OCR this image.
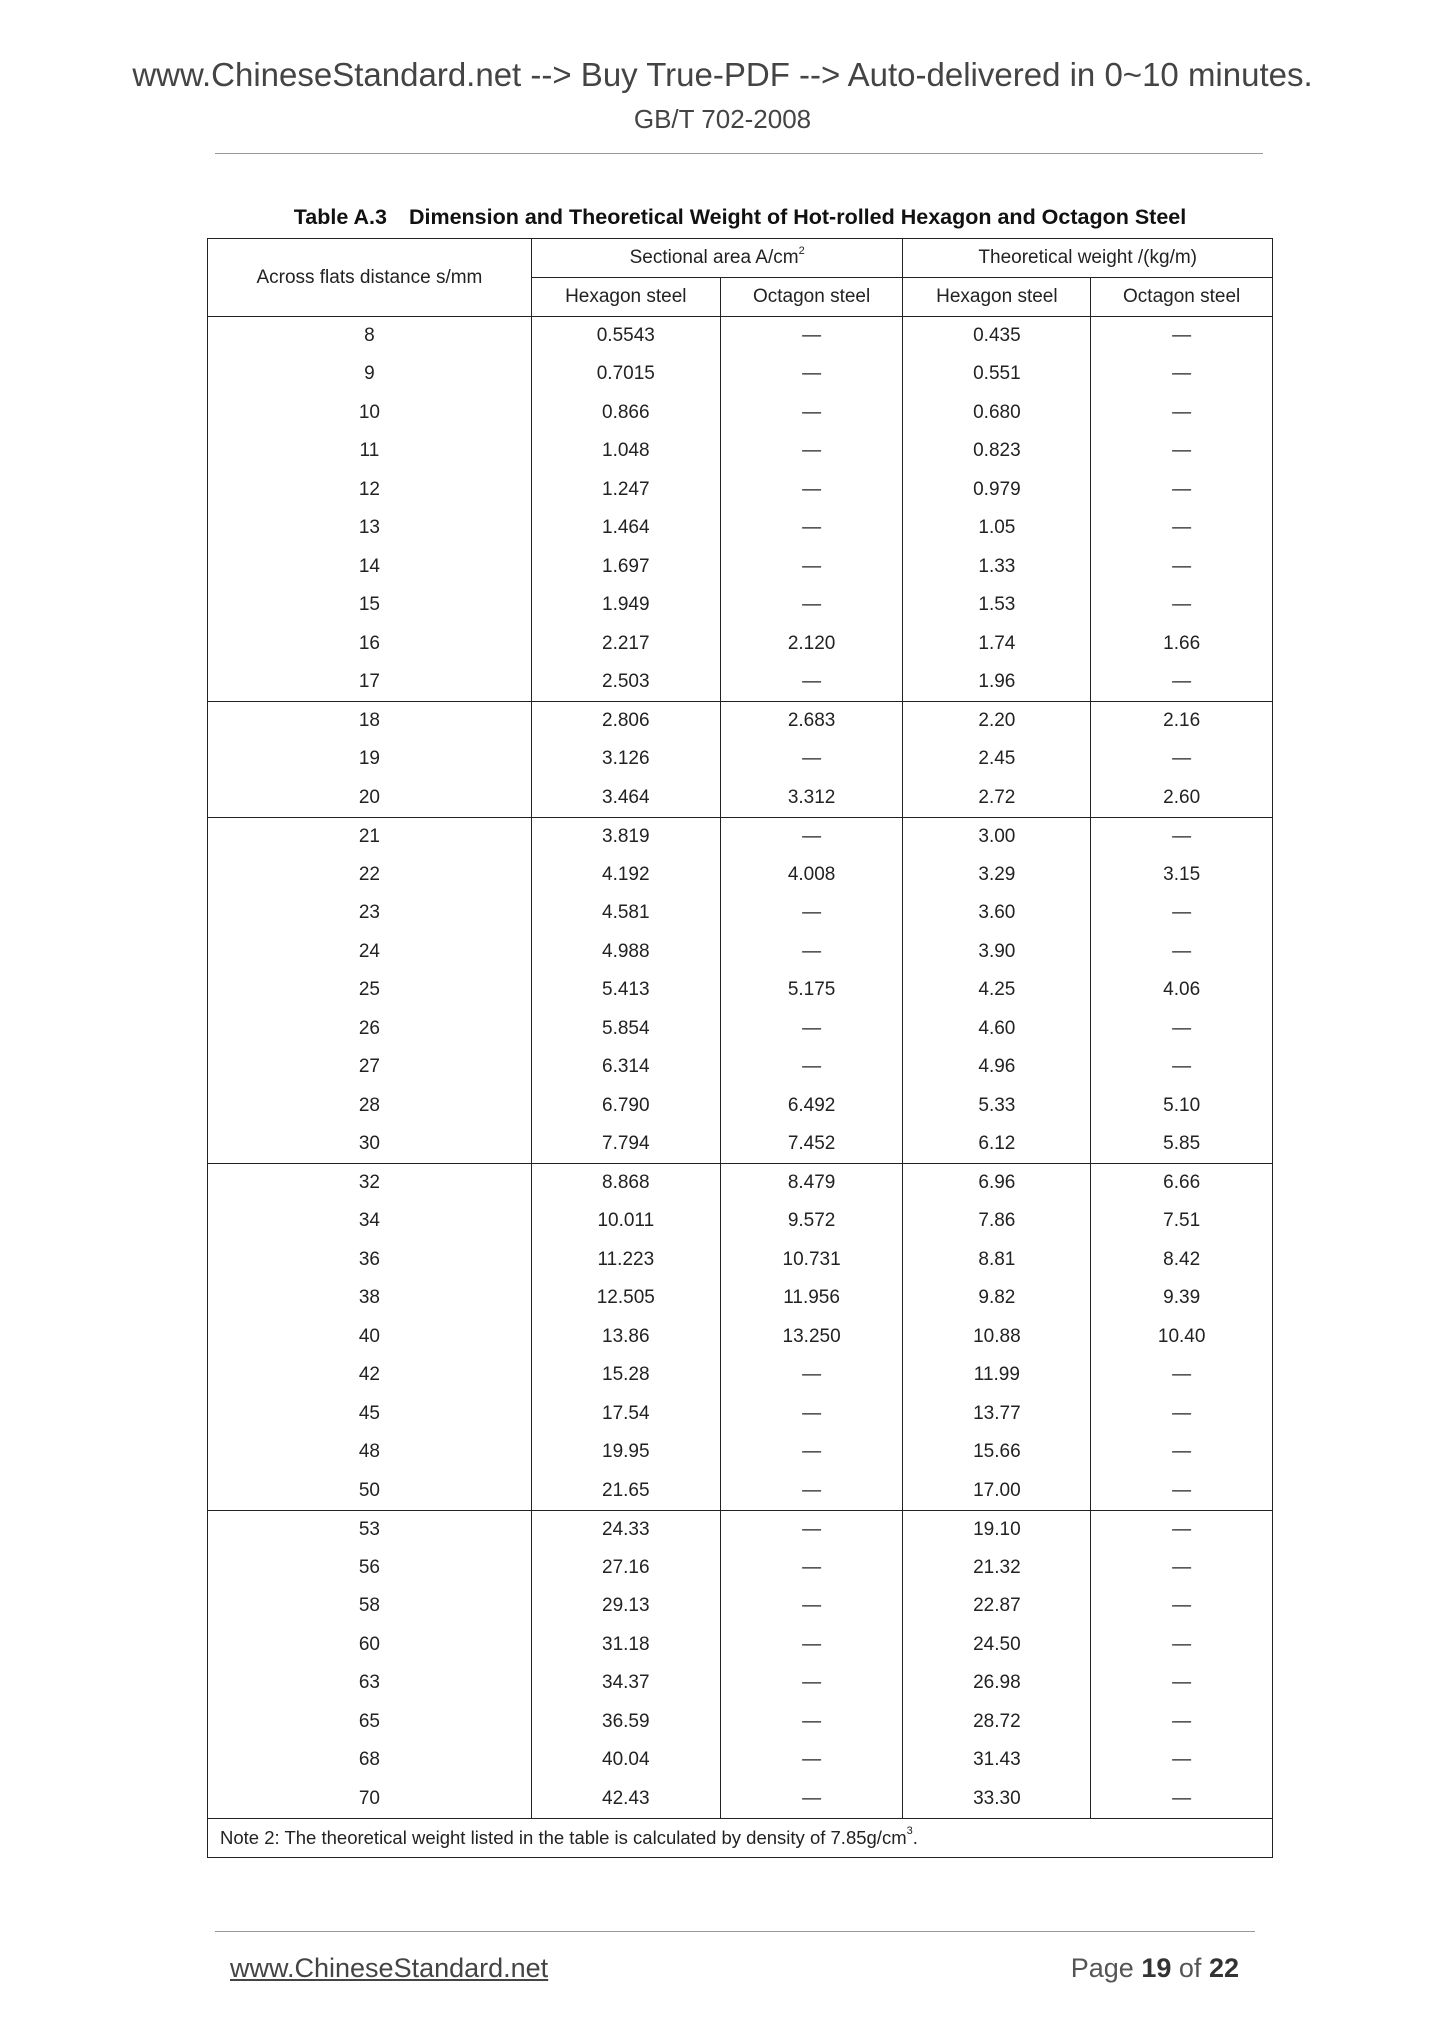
www.ChineseStandard.net --> Buy True-PDF --> Auto-delivered in 0~10 minutes.
GB/T 702-2008
Table A.3 Dimension and Theoretical Weight of Hot-rolled Hexagon and Octagon Steel
Across flats distance s/mm	Sectional area $A/cm^2$		Theoretical weight /(kg/m)	
	Hexagon steel	Octagon steel	Hexagon steel	Octagon steel
8	0.5543	—	0.435	—
9	0.7015	—	0.551	—
10	0.866	—	0.680	—
11	1.048	—	0.823	—
12	1.247	—	0.979	—
13	1.464	—	1.05	—
14	1.697	—	1.33	—
15	1.949	—	1.53	—
16	2.217	2.120	1.74	1.66
17	2.503	—	1.96	—
18	2.806	2.683	2.20	2.16
19	3.126	—	2.45	—
20	3.464	3.312	2.72	2.60
21	3.819	—	3.00	—
22	4.192	4.008	3.29	3.15
23	4.581	—	3.60	—
24	4.988	—	3.90	—
25	5.413	5.175	4.25	4.06
26	5.854	—	4.60	—
27	6.314	—	4.96	—
28	6.790	6.492	5.33	5.10
30	7.794	7.452	6.12	5.85
32	8.868	8.479	6.96	6.66
34	10.011	9.572	7.86	7.51
36	11.223	10.731	8.81	8.42
38	12.505	11.956	9.82	9.39
40	13.86	13.250	10.88	10.40
42	15.28	—	11.99	—
45	17.54	—	13.77	—
48	19.95	—	15.66	—
50	21.65	—	17.00	—
53	24.33	—	19.10	—
56	27.16	—	21.32	—
58	29.13	—	22.87	—
60	31.18	—	24.50	—
63	34.37	—	26.98	—
65	36.59	—	28.72	—
68	40.04	—	31.43	—
70	42.43	—	33.30	—
Note 2: The theoretical weight listed in the table is calculated by density of $7.85g/cm^3$.				
www.ChineseStandard.net	Page 19 of 22
